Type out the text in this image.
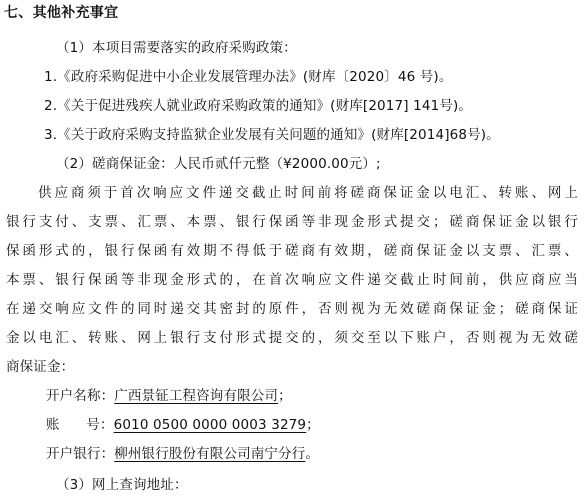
七、其他补充事宜
（1）本项目需要落实的政府采购政策：
1.《政府采购促进中小企业发展管理办法》(财库〔2020〕46 号)。
2.《关于促进残疾人就业政府采购政策的通知》(财库[2017] 141号)。
3.《关于政府采购支持监狱企业发展有关问题的通知》(财库[2014]68号)。
（2）磋商保证金：人民币贰仟元整（¥2000.00元）;
供应商须于首次响应文件递交截止时间前将磋商保证金以电汇、转账、网上
银行支付、支票、汇票、本票、银行保函等非现金形式提交；磋商保证金以银行
保函形式的，银行保函有效期不得低于磋商有效期，磋商保证金以支票、汇票、
本票、银行保函等非现金形式的，在首次响应文件递交截止时间前，供应商应当
在递交响应文件的同时递交其密封的原件，否则视为无效磋商保证金；磋商保证
金以电汇、转账、网上银行支付形式提交的，须交至以下账户，否则视为无效磋
商保证金：
开户名称：广西景钲工程咨询有限公司；
账      号：6010 0500 0000 0003 3279；
开户银行：柳州银行股份有限公司南宁分行。
（3）网上查询地址：
